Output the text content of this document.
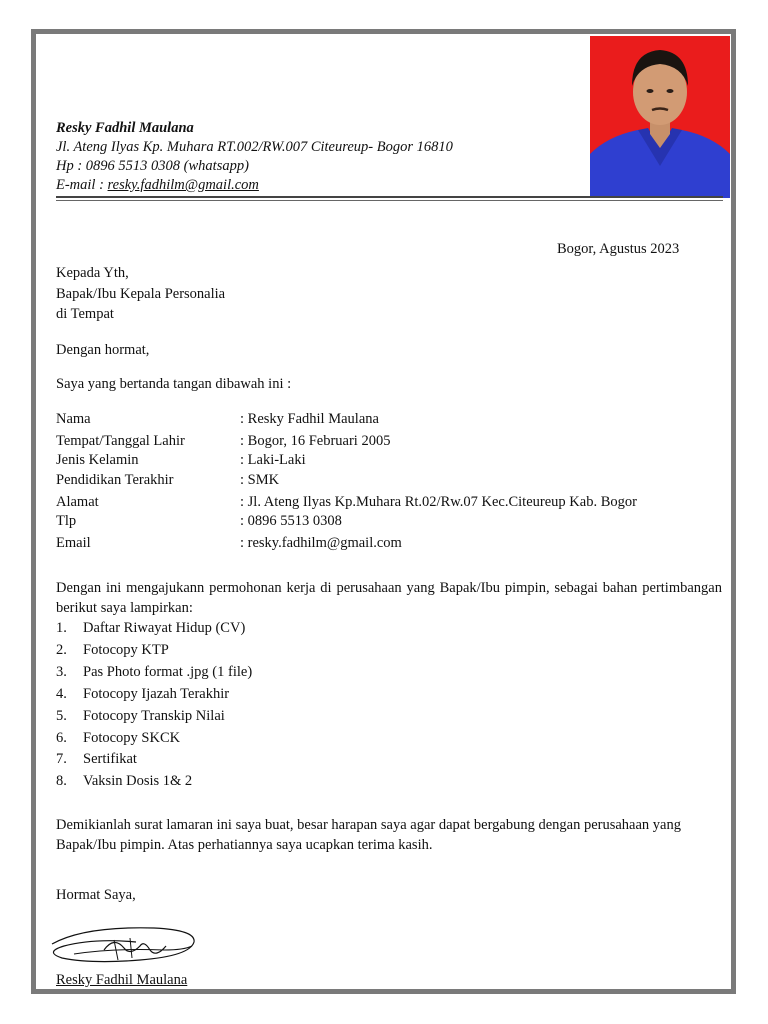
Resky Fadhil Maulana
Jl. Ateng Ilyas Kp. Muhara RT.002/RW.007 Citeureup- Bogor 16810
Hp : 0896 5513 0308 (whatsapp)
E-mail : resky.fadhilm@gmail.com
Bogor, Agustus 2023
Kepada Yth,
Bapak/Ibu Kepala Personalia
di Tempat
Dengan hormat,
Saya yang bertanda tangan dibawah ini :
Nama	: Resky Fadhil Maulana
Tempat/Tanggal Lahir	: Bogor, 16 Februari 2005
Jenis Kelamin	: Laki-Laki
Pendidikan Terakhir	: SMK
Alamat	: Jl. Ateng Ilyas Kp.Muhara Rt.02/Rw.07 Kec.Citeureup Kab. Bogor
Tlp	: 0896 5513 0308
Email	: resky.fadhilm@gmail.com
Dengan ini mengajukann permohonan kerja di perusahaan yang Bapak/Ibu pimpin, sebagai bahan pertimbangan berikut saya lampirkan:
1. Daftar Riwayat Hidup (CV)
2. Fotocopy KTP
3. Pas Photo format .jpg (1 file)
4. Fotocopy Ijazah Terakhir
5. Fotocopy Transkip Nilai
6. Fotocopy SKCK
7. Sertifikat
8. Vaksin Dosis 1& 2
Demikianlah surat lamaran ini saya buat, besar harapan saya agar dapat bergabung dengan perusahaan yang Bapak/Ibu pimpin. Atas perhatiannya saya ucapkan terima kasih.
Hormat Saya,
Resky Fadhil Maulana
